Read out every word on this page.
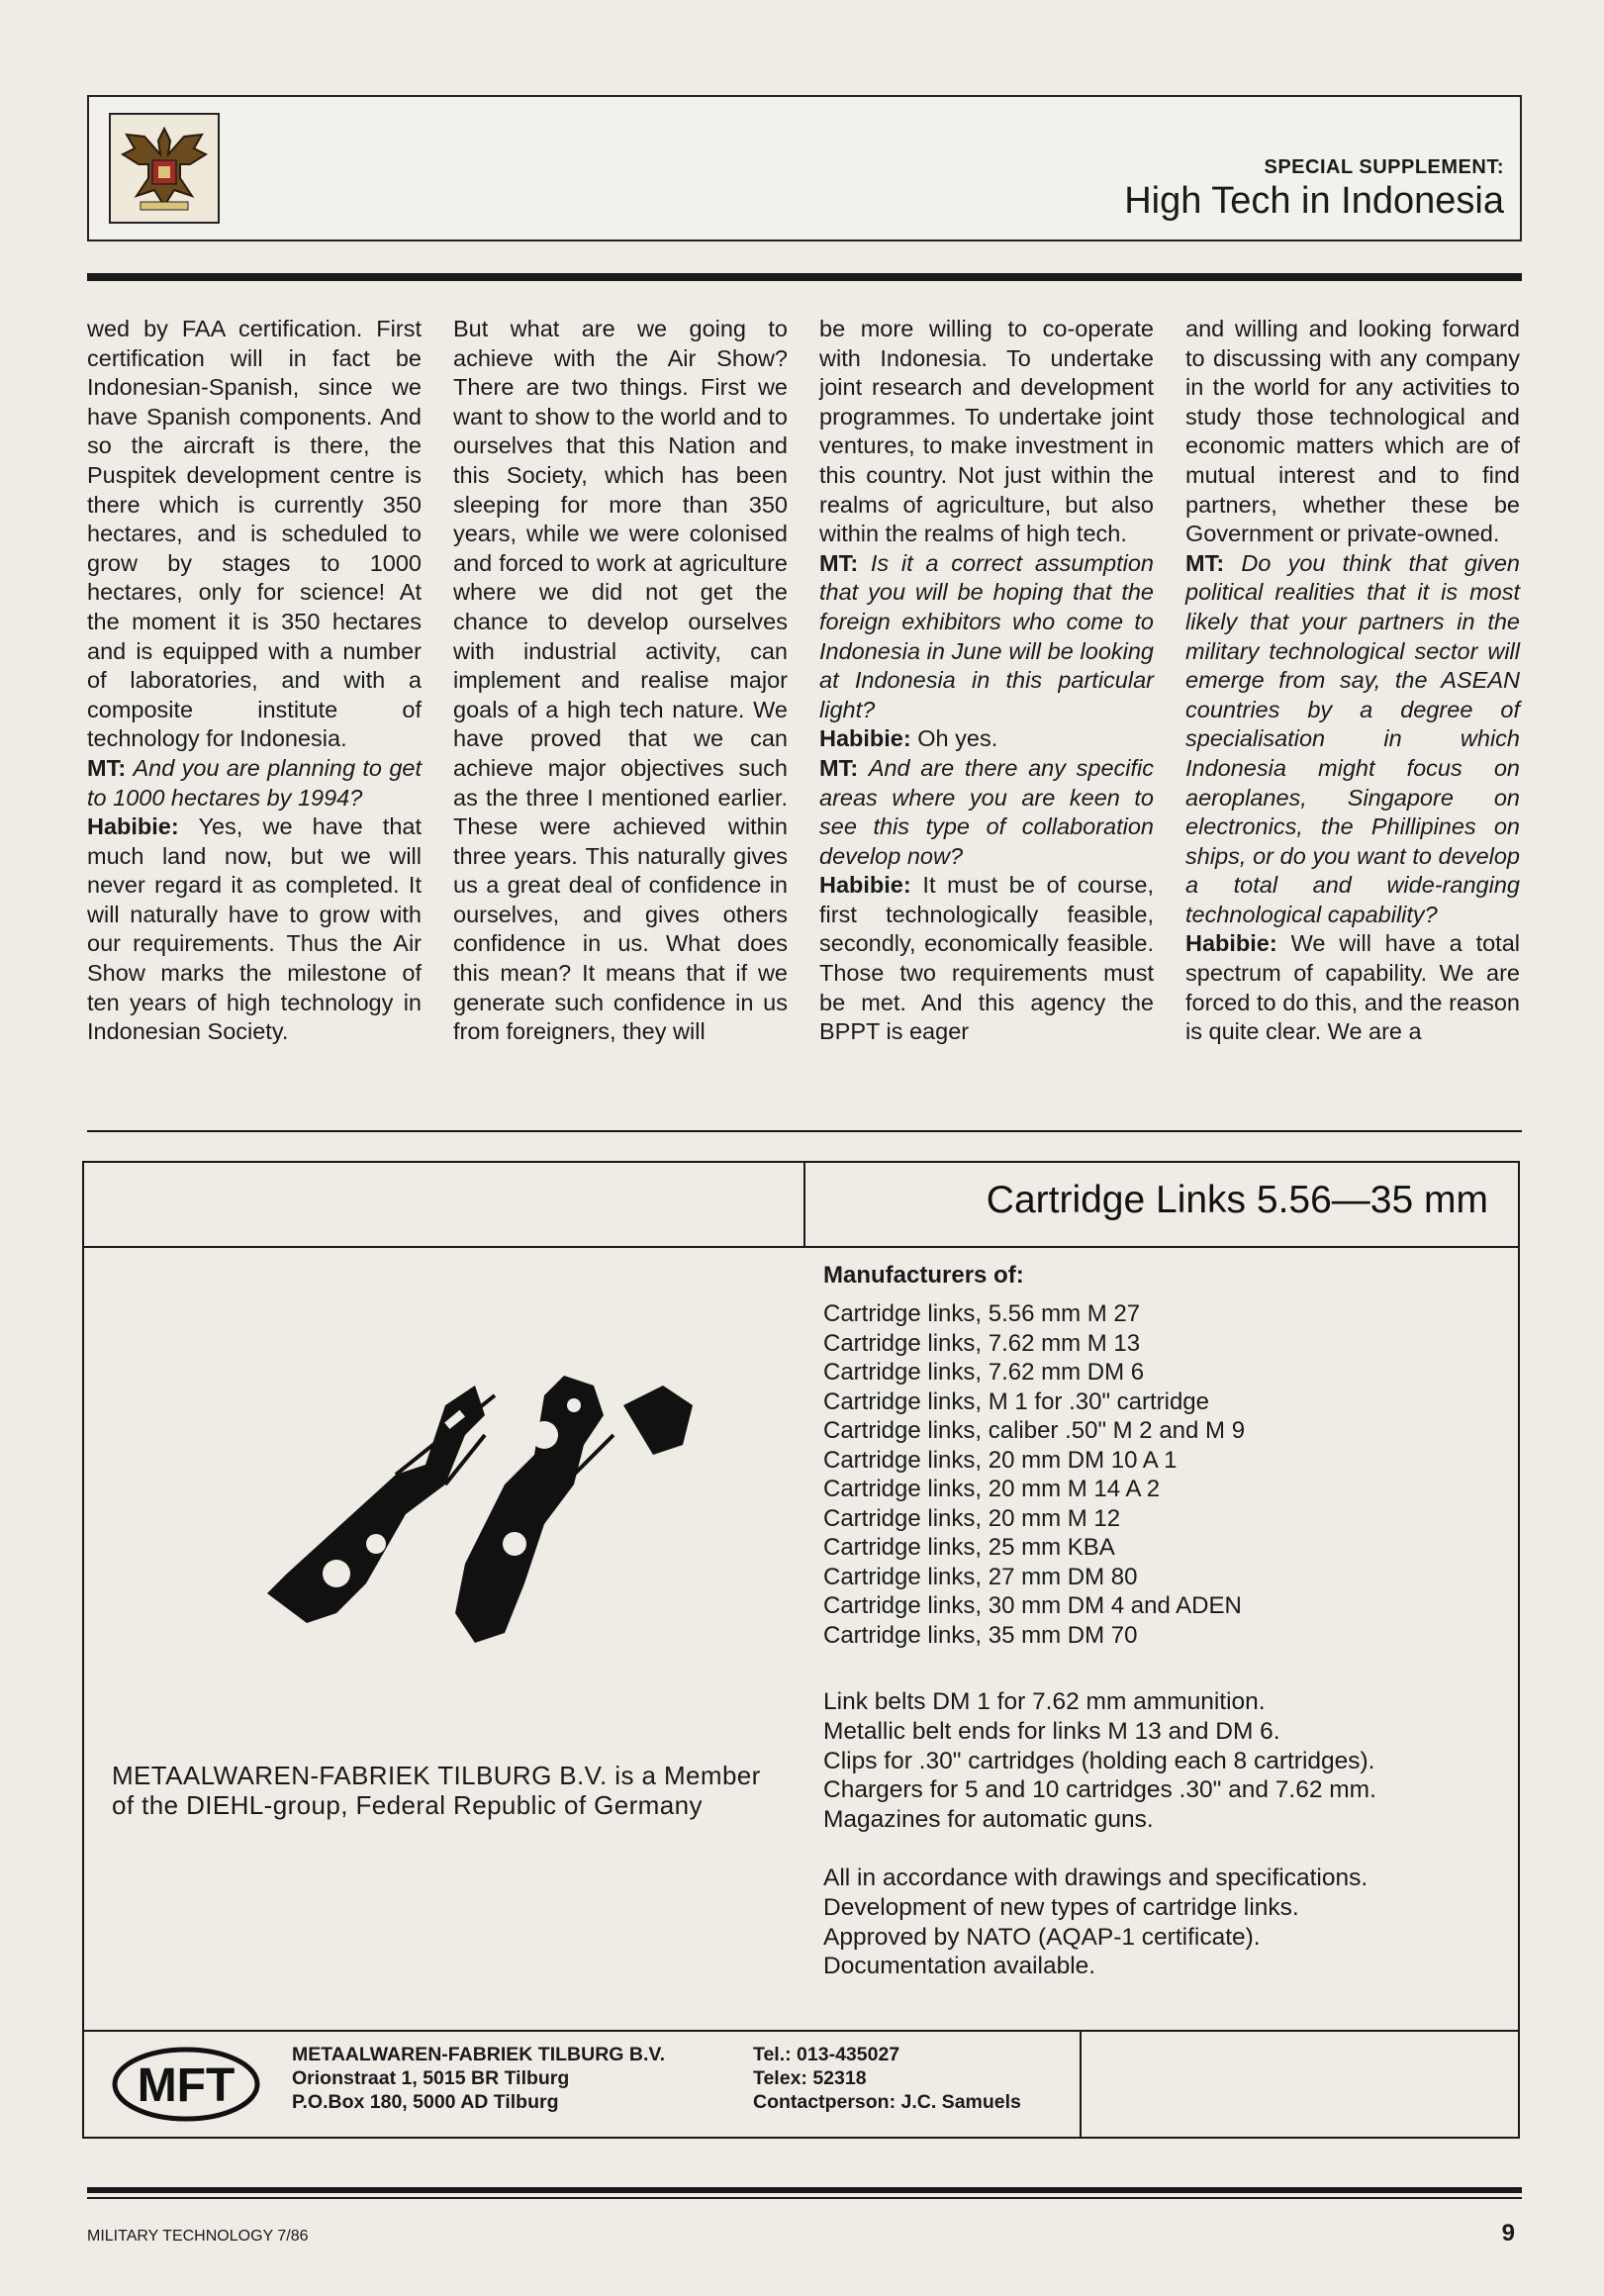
SPECIAL SUPPLEMENT:
High Tech in Indonesia

wed by FAA certification. First certification will in fact be Indonesian-Spanish, since we have Spanish components. And so the aircraft is there, the Puspitek development centre is there which is currently 350 hectares, and is scheduled to grow by stages to 1000 hectares, only for science! At the moment it is 350 hectares and is equipped with a number of laboratories, and with a composite institute of technology for Indonesia.

MT: And you are planning to get to 1000 hectares by 1994?

Habibie: Yes, we have that much land now, but we will never regard it as completed. It will naturally have to grow with our requirements. Thus the Air Show marks the milestone of ten years of high technology in Indonesian Society.

But what are we going to achieve with the Air Show? There are two things. First we want to show to the world and to ourselves that this Nation and this Society, which has been sleeping for more than 350 years, while we were colonised and forced to work at agriculture where we did not get the chance to develop ourselves with industrial activity, can implement and realise major goals of a high tech nature. We have proved that we can achieve major objectives such as the three I mentioned earlier. These were achieved within three years. This naturally gives us a great deal of confidence in ourselves, and gives others confidence in us. What does this mean? It means that if we generate such confidence in us from foreigners, they will

be more willing to co-operate with Indonesia. To undertake joint research and development programmes. To undertake joint ventures, to make investment in this country. Not just within the realms of agriculture, but also within the realms of high tech.

MT: Is it a correct assumption that you will be hoping that the foreign exhibitors who come to Indonesia in June will be looking at Indonesia in this particular light?

Habibie: Oh yes.

MT: And are there any specific areas where you are keen to see this type of collaboration develop now?

Habibie: It must be of course, first technologically feasible, secondly, economically feasible. Those two requirements must be met. And this agency the BPPT is eager

and willing and looking forward to discussing with any company in the world for any activities to study those technological and economic matters which are of mutual interest and to find partners, whether these be Government or private-owned.

MT: Do you think that given political realities that it is most likely that your partners in the military technological sector will emerge from say, the ASEAN countries by a degree of specialisation in which Indonesia might focus on aeroplanes, Singapore on electronics, the Phillipines on ships, or do you want to develop a total and wide-ranging technological capability?

Habibie: We will have a total spectrum of capability. We are forced to do this, and the reason is quite clear. We are a

Cartridge Links 5.56—35 mm
METAALWAREN-FABRIEK TILBURG B.V. is a Member of the DIEHL-group, Federal Republic of Germany
Manufacturers of:
Cartridge links, 5.56 mm M 27
Cartridge links, 7.62 mm M 13
Cartridge links, 7.62 mm DM 6
Cartridge links, M 1 for .30" cartridge
Cartridge links, caliber .50" M 2 and M 9
Cartridge links, 20 mm DM 10 A 1
Cartridge links, 20 mm M 14 A 2
Cartridge links, 20 mm M 12
Cartridge links, 25 mm KBA
Cartridge links, 27 mm DM 80
Cartridge links, 30 mm DM 4 and ADEN
Cartridge links, 35 mm DM 70
Link belts DM 1 for 7.62 mm ammunition.
Metallic belt ends for links M 13 and DM 6.
Clips for .30" cartridges (holding each 8 cartridges).
Chargers for 5 and 10 cartridges .30" and 7.62 mm.
Magazines for automatic guns.
All in accordance with drawings and specifications.
Development of new types of cartridge links.
Approved by NATO (AQAP-1 certificate).
Documentation available.
MFT
METAALWAREN-FABRIEK TILBURG B.V.
Orionstraat 1, 5015 BR Tilburg
P.O.Box 180, 5000 AD Tilburg
Tel.: 013-435027
Telex: 52318
Contactperson: J.C. Samuels
MILITARY TECHNOLOGY 7/86	9
